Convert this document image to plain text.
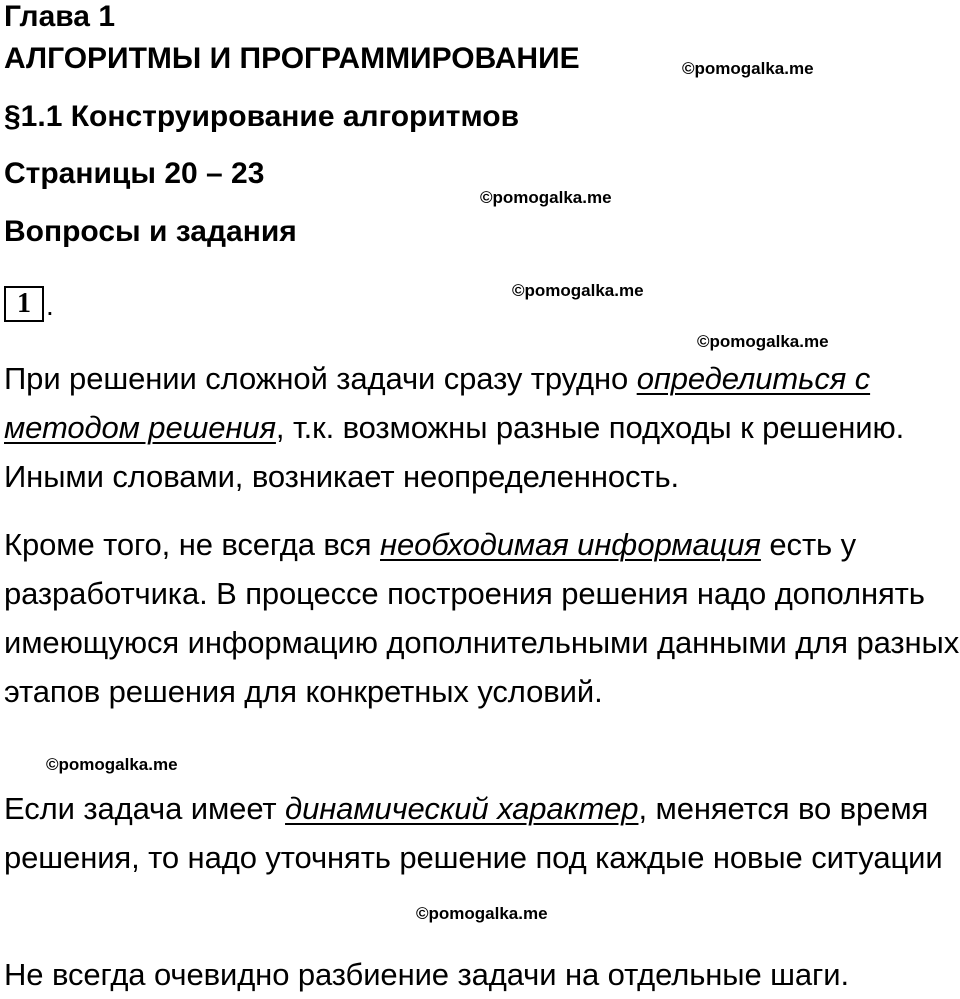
Глава 1
АЛГОРИТМЫ И ПРОГРАММИРОВАНИЕ
§1.1 Конструирование алгоритмов
Страницы 20 – 23
Вопросы и задания
1 .
©pomogalka.me
©pomogalka.me
©pomogalka.me
©pomogalka.me
©pomogalka.me
©pomogalka.me

При решении сложной задачи сразу трудно определиться с методом решения, т.к. возможны разные подходы к решению. Иными словами, возникает неопределенность.

Кроме того, не всегда вся необходимая информация есть у разработчика. В процессе построения решения надо дополнять имеющуюся информацию дополнительными данными для разных этапов решения для конкретных условий.

Если задача имеет динамический характер, меняется во время решения, то надо уточнять решение под каждые новые ситуации

Не всегда очевидно разбиение задачи на отдельные шаги.
